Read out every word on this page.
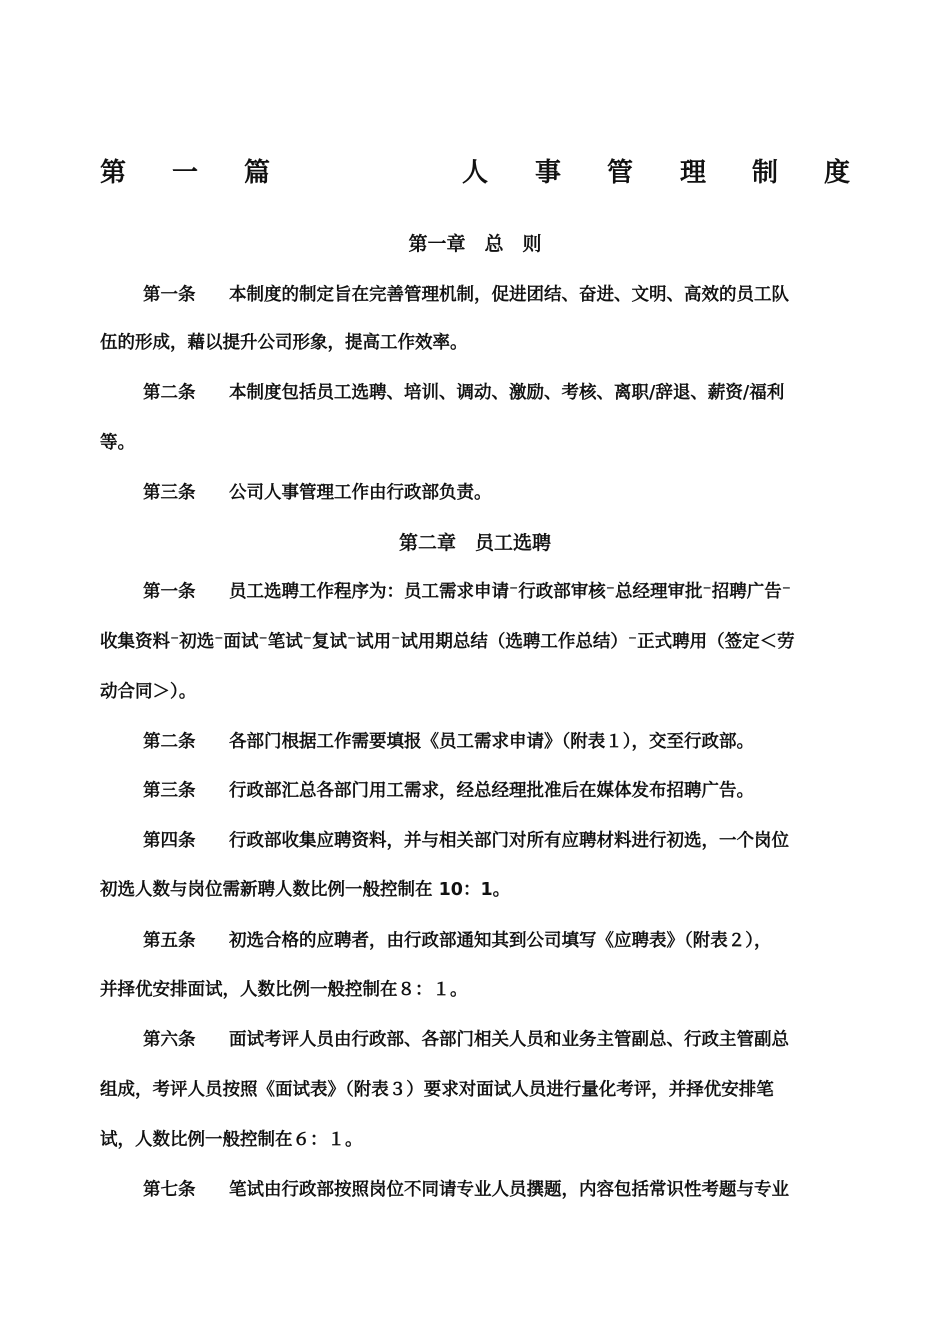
第 一 篇	人 事 管 理 制 度
第一章　总　则
第一条 本制度的制定旨在完善管理机制，促进团结、奋进、文明、高效的员工队
伍的形成，藉以提升公司形象，提高工作效率。
第二条 本制度包括员工选聘、培训、调动、激励、考核、离职/辞退、薪资/福利
等。
第三条 公司人事管理工作由行政部负责。
第二章　员工选聘
第一条 员工选聘工作程序为：员工需求申请⁻行政部审核⁻总经理审批⁻招聘广告⁻
收集资料⁻初选⁻面试⁻笔试⁻复试⁻试用⁻试用期总结（选聘工作总结）⁻正式聘用（签定＜劳
动合同＞）。
第二条 各部门根据工作需要填报《员工需求申请》（附表１），交至行政部。
第三条 行政部汇总各部门用工需求，经总经理批准后在媒体发布招聘广告。
第四条 行政部收集应聘资料，并与相关部门对所有应聘材料进行初选，一个岗位
初选人数与岗位需新聘人数比例一般控制在 10：1。
第五条 初选合格的应聘者，由行政部通知其到公司填写《应聘表》（附表２），
并择优安排面试，人数比例一般控制在８：１。
第六条 面试考评人员由行政部、各部门相关人员和业务主管副总、行政主管副总
组成，考评人员按照《面试表》（附表３）要求对面试人员进行量化考评，并择优安排笔
试，人数比例一般控制在６：１。
第七条 笔试由行政部按照岗位不同请专业人员撰题，内容包括常识性考题与专业
